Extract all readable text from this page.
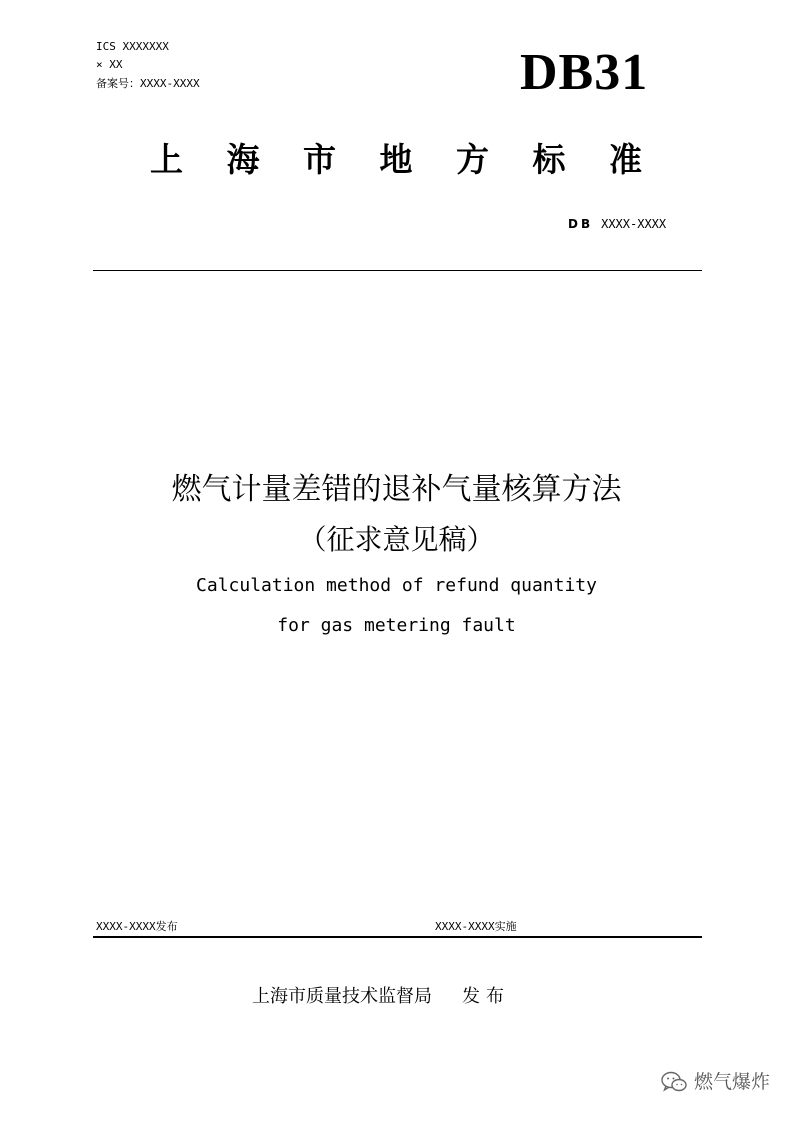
ICS XXXXXXX
× XX
备案号：XXXX-XXXX	DB31
上 海 市 地 方 标 准
DB XXXX-XXXX
燃气计量差错的退补气量核算方法
（征求意见稿）
Calculation method of refund quantity
for gas metering fault
XXXX-XXXX发布	XXXX-XXXX实施
上海市质量技术监督局 发布
燃气爆炸
